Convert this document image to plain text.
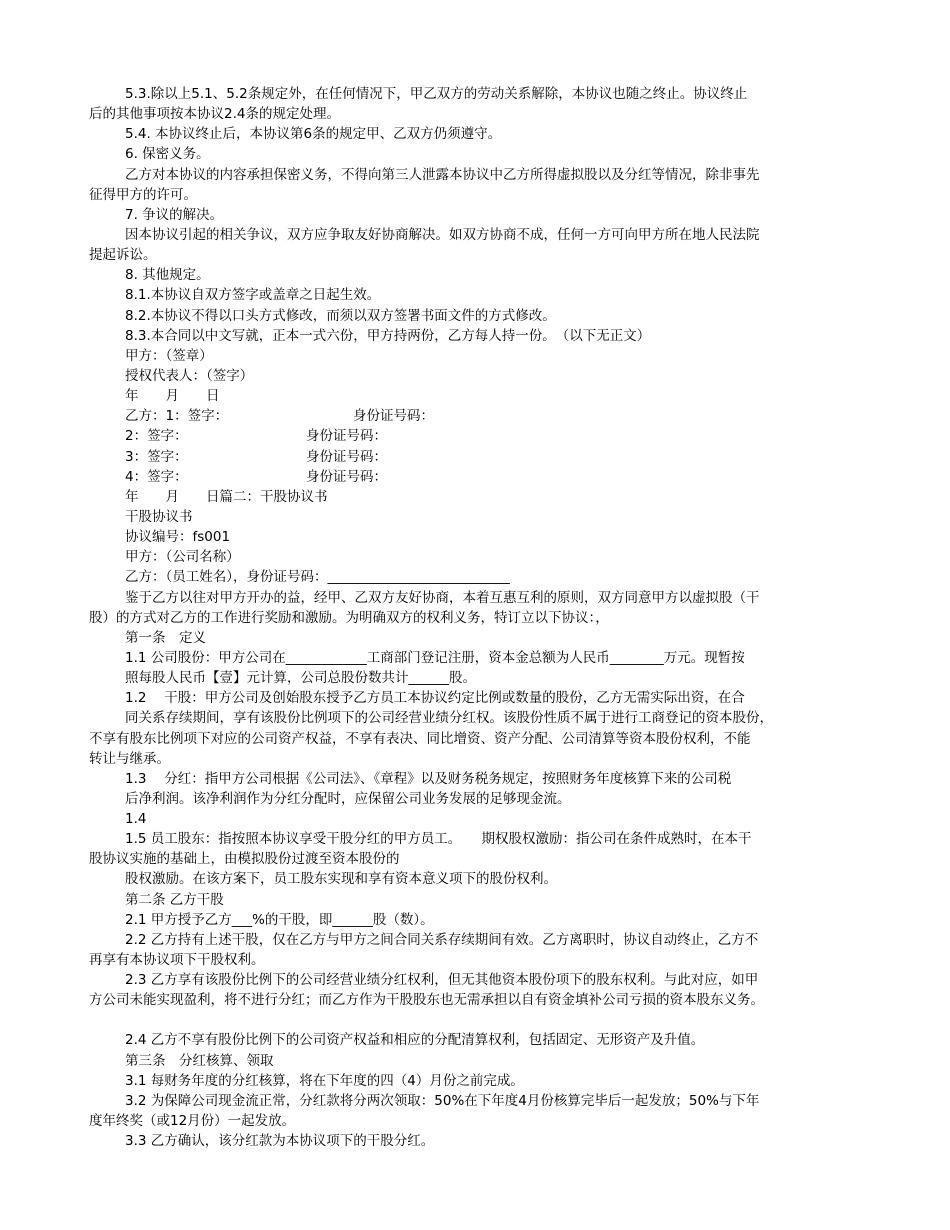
5.3.除以上5.1、5.2条规定外，在任何情况下，甲乙双方的劳动关系解除，本协议也随之终止。协议终止
后的其他事项按本协议2.4条的规定处理。
5.4. 本协议终止后，本协议第6条的规定甲、乙双方仍须遵守。
6. 保密义务。
乙方对本协议的内容承担保密义务，不得向第三人泄露本协议中乙方所得虚拟股以及分红等情况，除非事先
征得甲方的许可。
7. 争议的解决。
因本协议引起的相关争议，双方应争取友好协商解决。如双方协商不成，任何一方可向甲方所在地人民法院
提起诉讼。
8. 其他规定。
8.1.本协议自双方签字或盖章之日起生效。
8.2.本协议不得以口头方式修改，而须以双方签署书面文件的方式修改。
8.3.本合同以中文写就，正本一式六份，甲方持两份，乙方每人持一份。　（以下无正文）
甲方：（签章）
授权代表人：（签字）
年　　月　　日
乙方：1：签字：	身份证号码：
2：签字：	身份证号码：
3：签字：	身份证号码：
4：签字：	身份证号码：
年　　月　　日篇二：干股协议书
干股协议书
协议编号：fs001
甲方：（公司名称）
乙方：（员工姓名），身份证号码：___________________________
鉴于乙方以往对甲方开办的益，经甲、乙双方友好协商，本着互惠互利的原则，双方同意甲方以虚拟股（干
股）的方式对乙方的工作进行奖励和激励。为明确双方的权利义务，特订立以下协议：，
第一条　定义
1.1 公司股份：甲方公司在____________工商部门登记注册，资本金总额为人民币________万元。现暂按
照每股人民币【壹】元计算，公司总股份数共计______股。
1.2　 干股：甲方公司及创始股东授予乙方员工本协议约定比例或数量的股份，乙方无需实际出资，在合
同关系存续期间，享有该股份比例项下的公司经营业绩分红权。该股份性质不属于进行工商登记的资本股份，
不享有股东比例项下对应的公司资产权益，不享有表决、同比增资、资产分配、公司清算等资本股份权利，不能
转让与继承。
1.3　 分红：指甲方公司根据《公司法》、《章程》以及财务税务规定，按照财务年度核算下来的公司税
后净利润。该净利润作为分红分配时，应保留公司业务发展的足够现金流。
1.4
1.5 员工股东：指按照本协议享受干股分红的甲方员工。　　期权股权激励：指公司在条件成熟时，在本干
股协议实施的基础上，由模拟股份过渡至资本股份的
股权激励。在该方案下，员工股东实现和享有资本意义项下的股份权利。
第二条 乙方干股
2.1 甲方授予乙方___%的干股，即______股（数）。
2.2 乙方持有上述干股，仅在乙方与甲方之间合同关系存续期间有效。乙方离职时，协议自动终止，乙方不
再享有本协议项下干股权利。
2.3 乙方享有该股份比例下的公司经营业绩分红权利，但无其他资本股份项下的股东权利。与此对应，如甲
方公司未能实现盈利，将不进行分红；而乙方作为干股股东也无需承担以自有资金填补公司亏损的资本股东义务。
2.4 乙方不享有股份比例下的公司资产权益和相应的分配清算权利，包括固定、无形资产及升值。
第三条　分红核算、领取
3.1 每财务年度的分红核算，将在下年度的四（4）月份之前完成。
3.2 为保障公司现金流正常，分红款将分两次领取：50%在下年度4月份核算完毕后一起发放；50%与下年
度年终奖（或12月份）一起发放。
3.3 乙方确认，该分红款为本协议项下的干股分红。
